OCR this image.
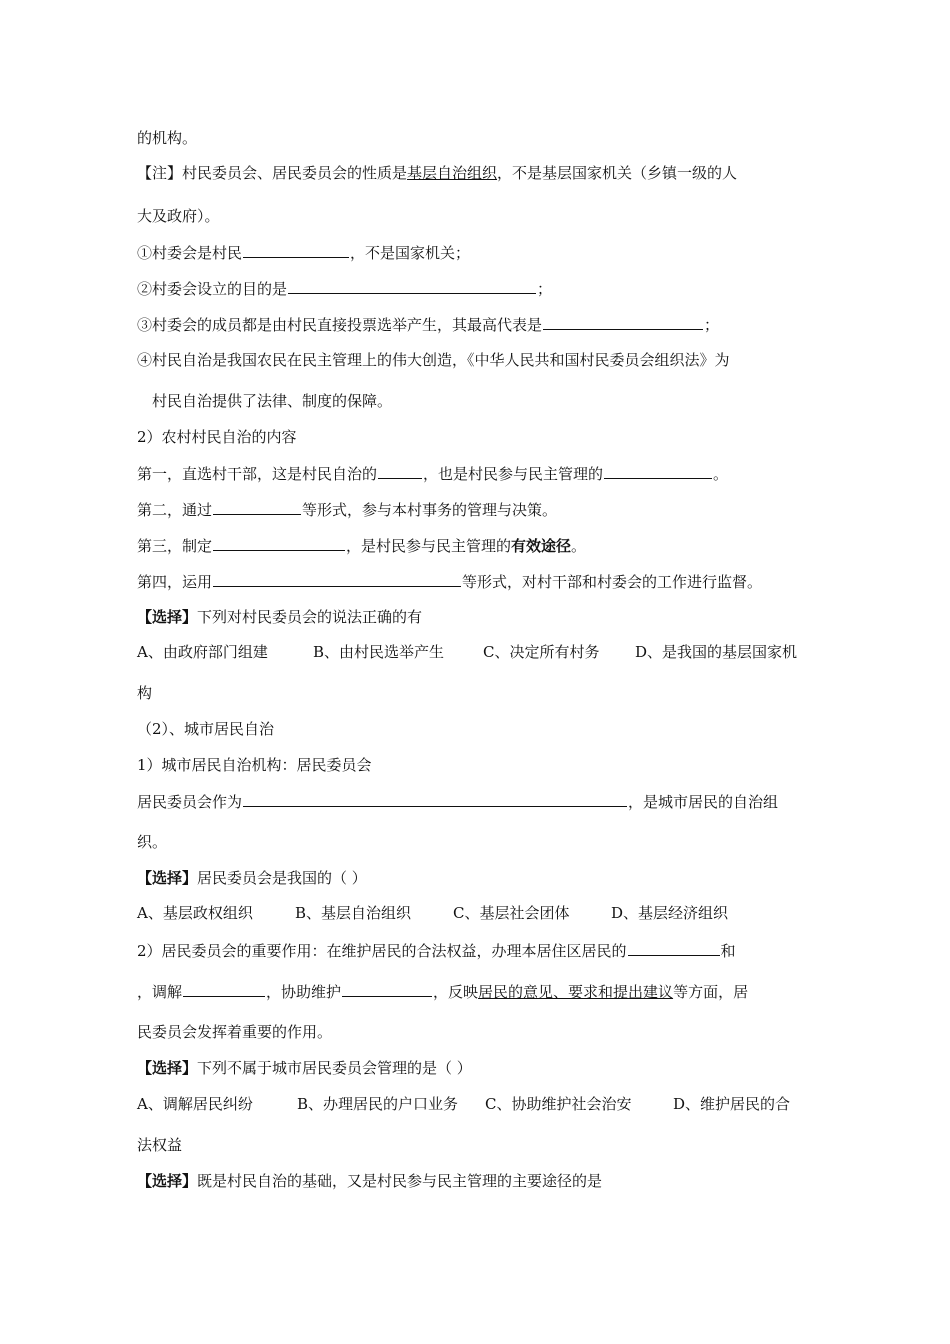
的机构。
【注】村民委员会、居民委员会的性质是基层自治组织，不是基层国家机关（乡镇一级的人
大及政府）。
①村委会是村民	，不是国家机关；
②村委会设立的目的是	；
③村委会的成员都是由村民直接投票选举产生，其最高代表是	；
④村民自治是我国农民在民主管理上的伟大创造，《中华人民共和国村民委员会组织法》为
村民自治提供了法律、制度的保障。
2）农村村民自治的内容
第一，直选村干部，这是村民自治的	，也是村民参与民主管理的	。
第二，通过	等形式，参与本村事务的管理与决策。
第三，制定	，是村民参与民主管理的有效途径。
第四，运用	等形式，对村干部和村委会的工作进行监督。
【选择】下列对村民委员会的说法正确的有
A、由政府部门组建	B、由村民选举产生	C、决定所有村务 D、是我国的基层国家机
构
（2）、城市居民自治
1）城市居民自治机构：居民委员会
居民委员会作为	，是城市居民的自治组
织。
【选择】居民委员会是我国的（ ）
A、基层政权组织	B、基层自治组织	C、基层社会团体	D、基层经济组织
2）居民委员会的重要作用：在维护居民的合法权益，办理本居住区居民的	和
，调解	，协助维护	，反映居民的意见、要求和提出建议等方面，居
民委员会发挥着重要的作用。
【选择】下列不属于城市居民委员会管理的是（ ）
A、调解居民纠纷	B、办理居民的户口业务 C、协助维护社会治安	D、维护居民的合
法权益
【选择】既是村民自治的基础，又是村民参与民主管理的主要途径的是
